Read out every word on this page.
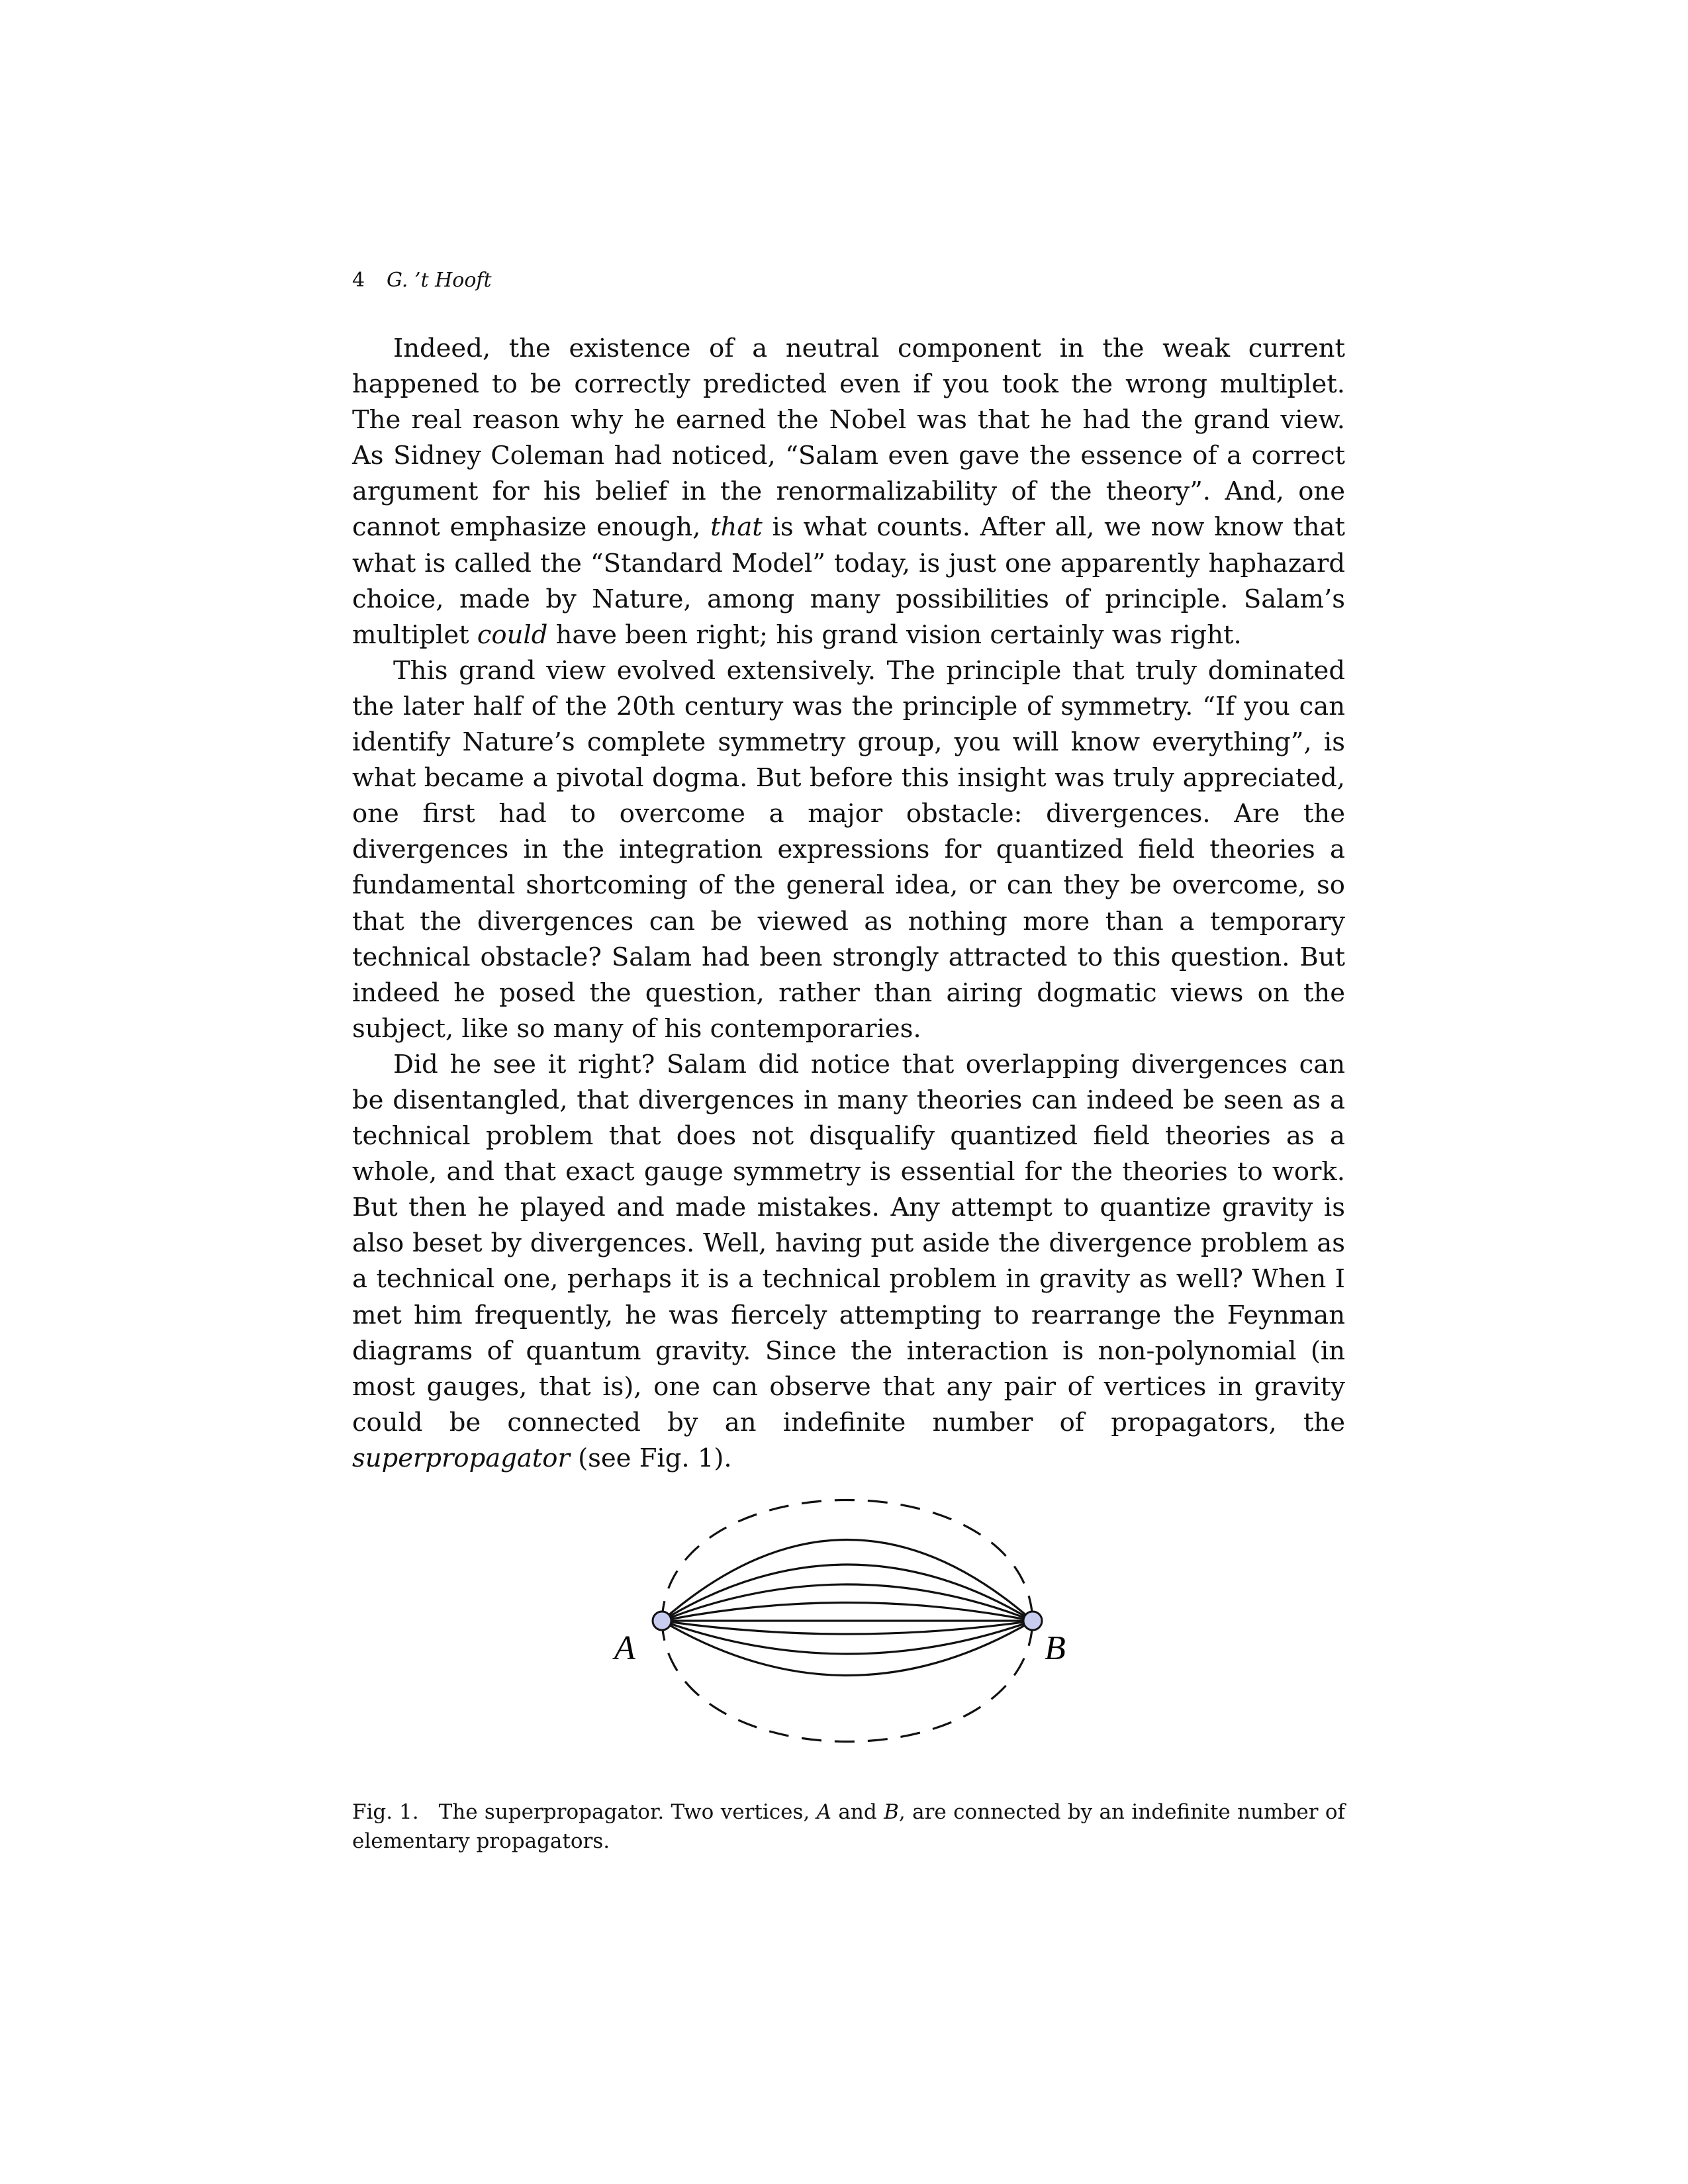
4 G. ’t Hooft

Indeed, the existence of a neutral component in the weak current happened to be correctly predicted even if you took the wrong multiplet. The real reason why he earned the Nobel was that he had the grand view. As Sidney Coleman had noticed, “Salam even gave the essence of a correct argument for his belief in the renormalizability of the theory”. And, one cannot emphasize enough, that is what counts. After all, we now know that what is called the “Standard Model” today, is just one apparently haphazard choice, made by Nature, among many possibilities of principle. Salam’s multiplet could have been right; his grand vision certainly was right.

This grand view evolved extensively. The principle that truly dominated the later half of the 20th century was the principle of symmetry. “If you can identify Nature’s complete symmetry group, you will know everything”, is what became a pivotal dogma. But before this insight was truly appreciated, one first had to overcome a major obstacle: divergences. Are the divergences in the integration expressions for quantized field theories a fundamental shortcoming of the general idea, or can they be overcome, so that the divergences can be viewed as nothing more than a temporary technical obstacle? Salam had been strongly attracted to this question. But indeed he posed the question, rather than airing dogmatic views on the subject, like so many of his contemporaries.

Did he see it right? Salam did notice that overlapping divergences can be disentangled, that divergences in many theories can indeed be seen as a technical problem that does not disqualify quantized field theories as a whole, and that exact gauge symmetry is essential for the theories to work. But then he played and made mistakes. Any attempt to quantize gravity is also beset by divergences. Well, having put aside the divergence problem as a technical one, perhaps it is a technical problem in gravity as well? When I met him frequently, he was fiercely attempting to rearrange the Feynman diagrams of quantum gravity. Since the interaction is non-polynomial (in most gauges, that is), one can observe that any pair of vertices in gravity could be connected by an indefinite number of propagators, the superpropagator (see Fig. 1).

A	B
Fig. 1. The superpropagator. Two vertices, A and B, are connected by an indefinite number of elementary propagators.
